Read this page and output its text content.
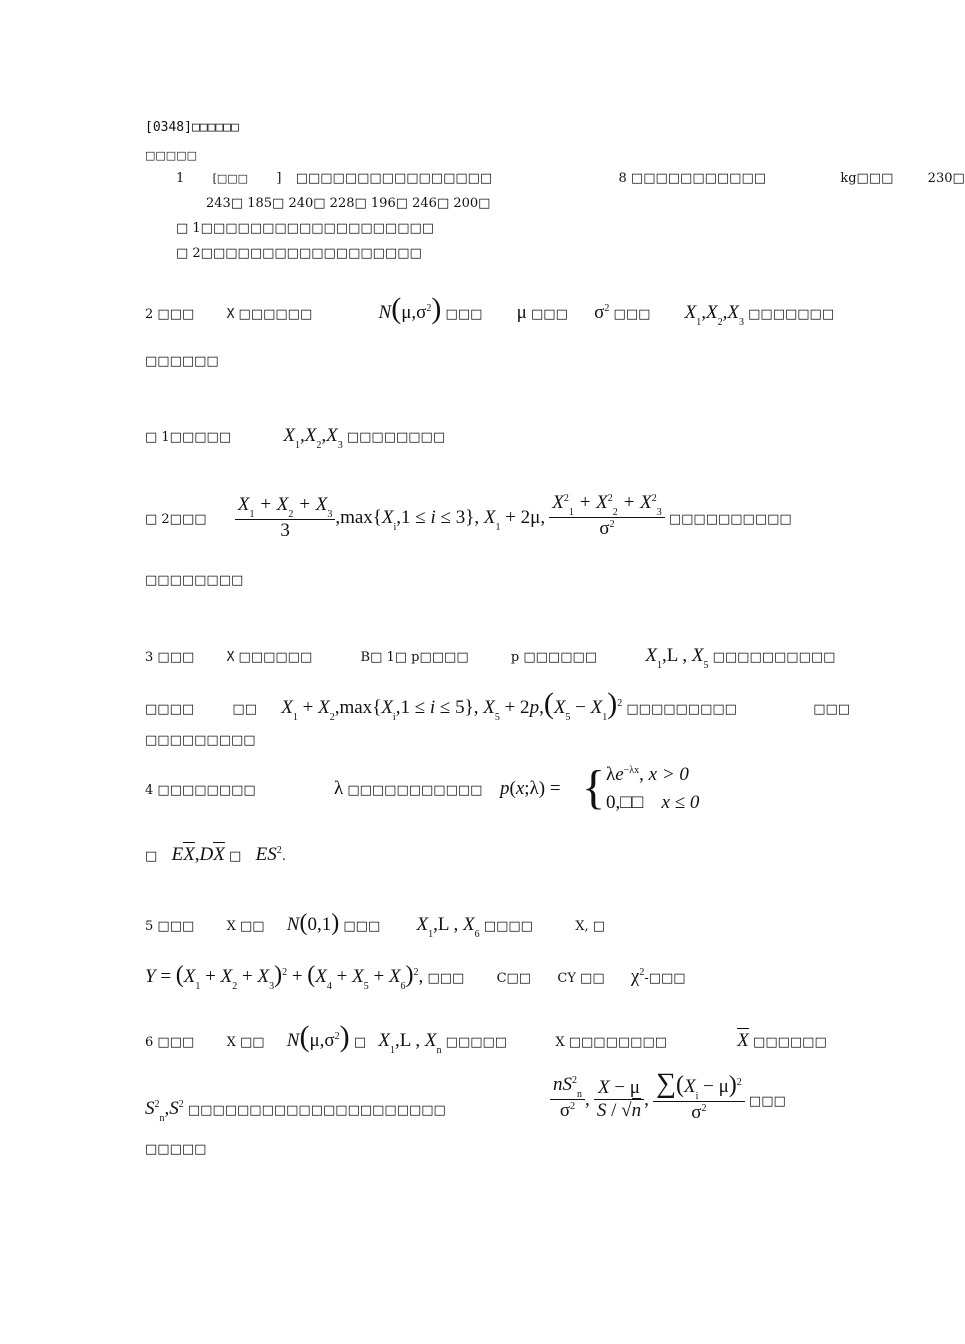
[0348]□□□□□□
□□□□□
1	[□□□ ] □□□□□□□□□□□□□□□□	8 □□□□□□□□□□□	kg□□□	230□
243□ 185□ 240□ 228□ 196□ 246□ 200□
□ 1□□□□□□□□□□□□□□□□□□□
□ 2□□□□□□□□□□□□□□□□□□
2 □□□ X □□□□□□	$N(\mu,\sigma^2)$ □□□ μ □□□ $\sigma^2$ □□□ $X_1,X_2,X_3$ □□□□□□□
□□□□□□
□ 1□□□□□	$X_1,X_2,X_3$ □□□□□□□□
□ 2□□□ $\frac{X_1 + X_2 + X_3}{3} ,\max\{X_i,1 \le i \le 3\}$, $X_1 + 2\mu$, $\frac{X^2_1 + X^2_2 + X^2_3}{\sigma^2}$ □□□□□□□□□□
□□□□□□□□
3 □□□ X □□□□□□	B□ 1□ p□□□□	p □□□□□□	$X_1,L$ , $X_5$ □□□□□□□□□□
□□□□	□□ $X_1 + X_2,\max\{X_i,1 \le i \le 5\}$, $X_5 + 2p,(X_5 - X_1)^2$ □□□□□□□□□	□□□
□□□□□□□□□
4 □□□□□□□□	λ □□□□□□□□□□□ p(x;λ) = { $\lambda e^{-\lambda x}$, x > 0
0,□□ x ≤ 0
□ EX,DX □ $ES^2$.
5 □□□ X □□ N(0,1) □□□ $X_1,L$ , $X_6$ □□□□	X, □
$Y = (X_1 + X_2 + X_3)^2 + (X_4 + X_5 + X_6)^2$, □□□ C□□ CY □□ $\chi^2-□□□$
6 □□□ X □□ $N(\mu,\sigma^2)$ □ $X_1,L$ , $X_n$ □□□□□	X □□□□□□□□	X □□□□□□
$S^2_n,S^2$ □□□□□□□□□□□□□□□□□□□□□	$\frac{nS^2_n}{\sigma^2}$ , $\frac{X - \mu}{S / √n}$ , $\frac{\sum(X_i - \mu)^2}{\sigma^2}$ □□□
□□□□□
